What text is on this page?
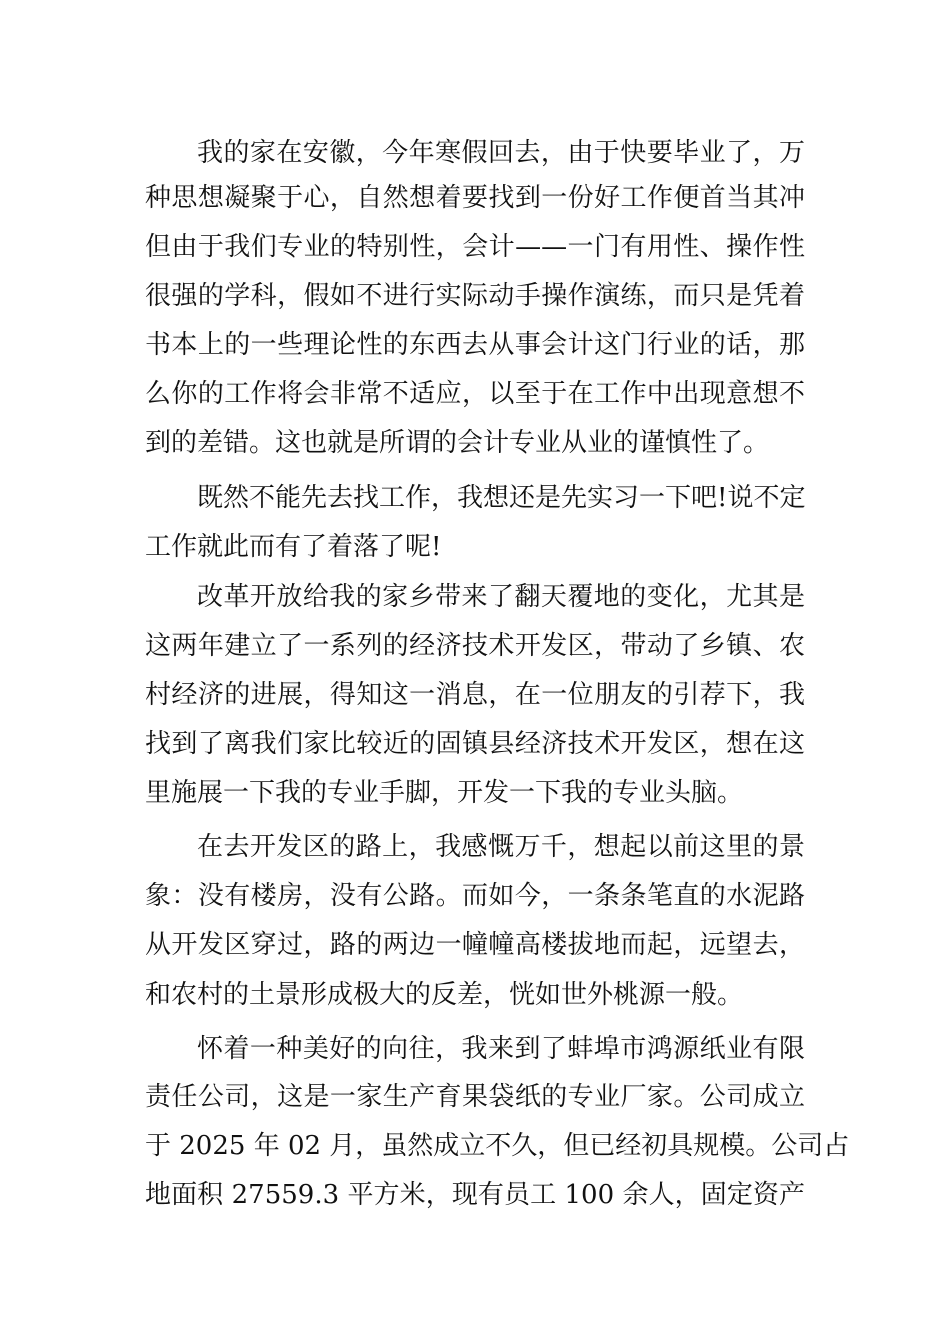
我的家在安徽，今年寒假回去，由于快要毕业了，万
种思想凝聚于心，自然想着要找到一份好工作便首当其冲
但由于我们专业的特别性，会计——一门有用性、操作性
很强的学科，假如不进行实际动手操作演练，而只是凭着
书本上的一些理论性的东西去从事会计这门行业的话，那
么你的工作将会非常不适应，以至于在工作中出现意想不
到的差错。这也就是所谓的会计专业从业的谨慎性了。
既然不能先去找工作，我想还是先实习一下吧!说不定
工作就此而有了着落了呢!
改革开放给我的家乡带来了翻天覆地的变化，尤其是
这两年建立了一系列的经济技术开发区，带动了乡镇、农
村经济的进展，得知这一消息，在一位朋友的引荐下，我
找到了离我们家比较近的固镇县经济技术开发区，想在这
里施展一下我的专业手脚，开发一下我的专业头脑。
在去开发区的路上，我感慨万千，想起以前这里的景
象：没有楼房，没有公路。而如今，一条条笔直的水泥路
从开发区穿过，路的两边一幢幢高楼拔地而起，远望去，
和农村的土景形成极大的反差，恍如世外桃源一般。
怀着一种美好的向往，我来到了蚌埠市鸿源纸业有限
责任公司，这是一家生产育果袋纸的专业厂家。公司成立
于 2025 年 02 月，虽然成立不久，但已经初具规模。公司占
地面积 27559.3 平方米，现有员工 100 余人，固定资产
